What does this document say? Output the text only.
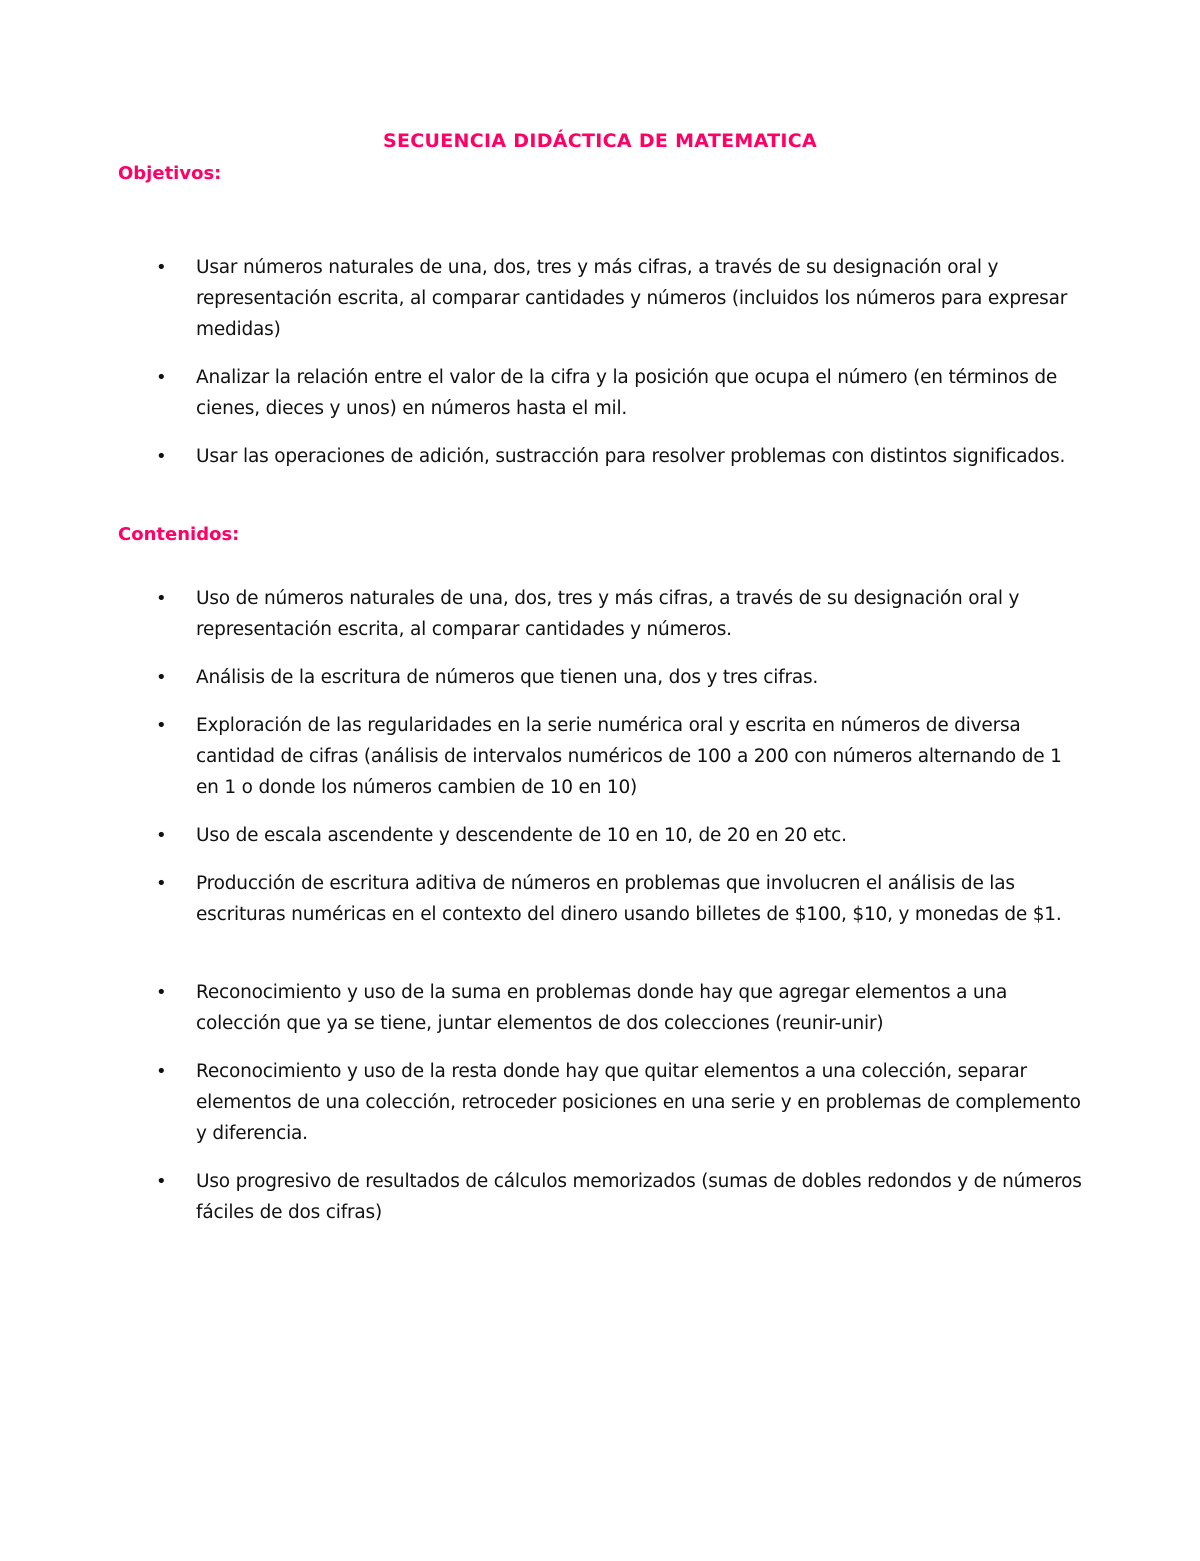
SECUENCIA DIDÁCTICA DE MATEMATICA
Objetivos:
• Usar números naturales de una, dos, tres y más cifras, a través de su designación oral y representación escrita, al comparar cantidades y números (incluidos los números para expresar medidas)
• Analizar la relación entre el valor de la cifra y la posición que ocupa el número (en términos de cienes, dieces y unos) en números hasta el mil.
• Usar las operaciones de adición, sustracción para resolver problemas con distintos significados.
Contenidos:
• Uso de números naturales de una, dos, tres y más cifras, a través de su designación oral y representación escrita, al comparar cantidades y números.
• Análisis de la escritura de números que tienen una, dos y tres cifras.
• Exploración de las regularidades en la serie numérica oral y escrita en números de diversa cantidad de cifras (análisis de intervalos numéricos de 100 a 200 con números alternando de 1 en 1 o donde los números cambien de 10 en 10)
• Uso de escala ascendente y descendente de 10 en 10, de 20 en 20 etc.
• Producción de escritura aditiva de números en problemas que involucren el análisis de las escrituras numéricas en el contexto del dinero usando billetes de $100, $10, y monedas de $1.
• Reconocimiento y uso de la suma en problemas donde hay que agregar elementos a una colección que ya se tiene, juntar elementos de dos colecciones (reunir-unir)
• Reconocimiento y uso de la resta donde hay que quitar elementos a una colección, separar elementos de una colección, retroceder posiciones en una serie y en problemas de complemento y diferencia.
• Uso progresivo de resultados de cálculos memorizados (sumas de dobles redondos y de números fáciles de dos cifras)
